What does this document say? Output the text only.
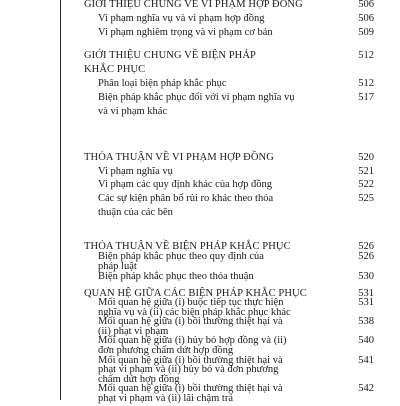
GIỚI THIỆU CHUNG VỀ VI PHẠM HỢP ĐỒNG	506
Vi phạm nghĩa vụ và vi phạm hợp đồng	506
Vi phạm nghiêm trọng và vi phạm cơ bản	509
GIỚI THIỆU CHUNG VỀ BIỆN PHÁP	512
KHẮC PHỤC
Phân loại biện pháp khắc phục	512
Biện pháp khắc phục đối với vi phạm nghĩa vụ	517
và vi phạm khác
THỎA THUẬN VỀ VI PHẠM HỢP ĐỒNG	520
Vi phạm nghĩa vụ	521
Vi phạm các quy định khác của hợp đồng	522
Các sự kiện phân bổ rủi ro khác theo thỏa	525
thuận của các bên
THỎA THUẬN VỀ BIỆN PHÁP KHẮC PHỤC	526
Biện pháp khắc phục theo quy định của	526
pháp luật
Biện pháp khắc phục theo thỏa thuận	530
QUAN HỆ GIỮA CÁC BIỆN PHÁP KHẮC PHỤC	531
Mối quan hệ giữa (i) buộc tiếp tục thực hiện	531
nghĩa vụ và (ii) các biện pháp khắc phục khác
Mối quan hệ giữa (i) bồi thường thiệt hại và	538
(ii) phạt vi phạm
Mối quan hệ giữa (i) hủy bỏ hợp đồng và (ii)	540
đơn phương chấm dứt hợp đồng
Mối quan hệ giữa (i) bồi thường thiệt hại và	541
phạt vi phạm và (ii) hủy bỏ và đơn phương
chấm dứt hợp đồng
Mối quan hệ giữa (i) bồi thường thiệt hại và	542
phạt vi phạm và (ii) lãi chậm trả
